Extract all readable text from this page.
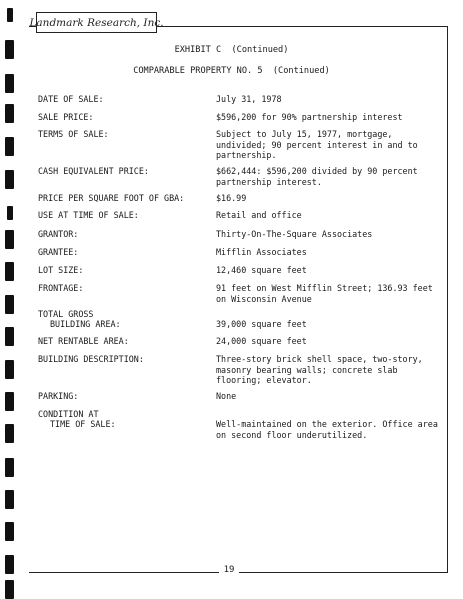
Landmark Research, Inc.
EXHIBIT C  (Continued)
COMPARABLE PROPERTY NO. 5  (Continued)
DATE OF SALE:	July 31, 1978
SALE PRICE:	$596,200 for 90% partnership interest
TERMS OF SALE:	Subject to July 15, 1977, mortgage, undivided; 90 percent interest in and to partnership.
CASH EQUIVALENT PRICE:	$662,444: $596,200 divided by 90 percent partnership interest.
PRICE PER SQUARE FOOT OF GBA:	$16.99
USE AT TIME OF SALE:	Retail and office
GRANTOR:	Thirty-On-The-Square Associates
GRANTEE:	Mifflin Associates
LOT SIZE:	12,460 square feet
FRONTAGE:	91 feet on West Mifflin Street; 136.93 feet on Wisconsin Avenue
TOTAL GROSS
BUILDING AREA:	39,000 square feet
NET RENTABLE AREA:	24,000 square feet
BUILDING DESCRIPTION:	Three-story brick shell space, two-story, masonry bearing walls; concrete slab flooring; elevator.
PARKING:	None
CONDITION AT
TIME OF SALE:	Well-maintained on the exterior. Office area on second floor underutilized.
19
